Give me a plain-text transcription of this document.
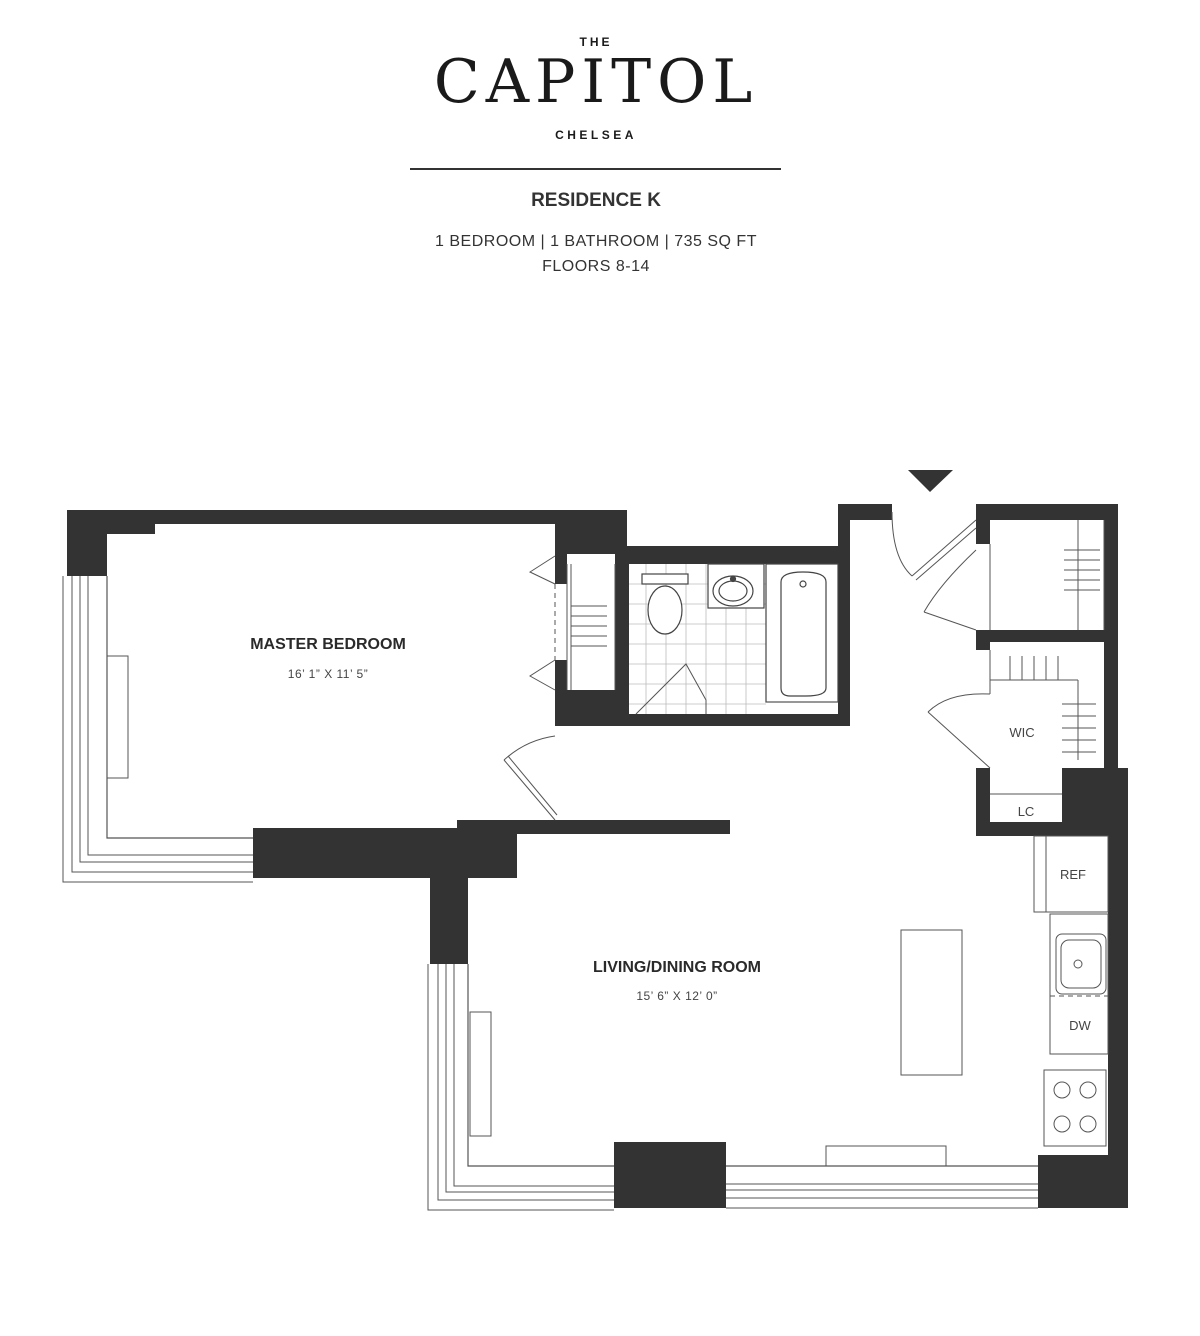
THE
CAPITOL
CHELSEA
RESIDENCE K
1 BEDROOM | 1 BATHROOM | 735 SQ FT
FLOORS 8-14
WIC
LC
REF
DW
MASTER BEDROOM
16’ 1” X 11’ 5”
LIVING/DINING ROOM
15’ 6” X 12’ 0”
